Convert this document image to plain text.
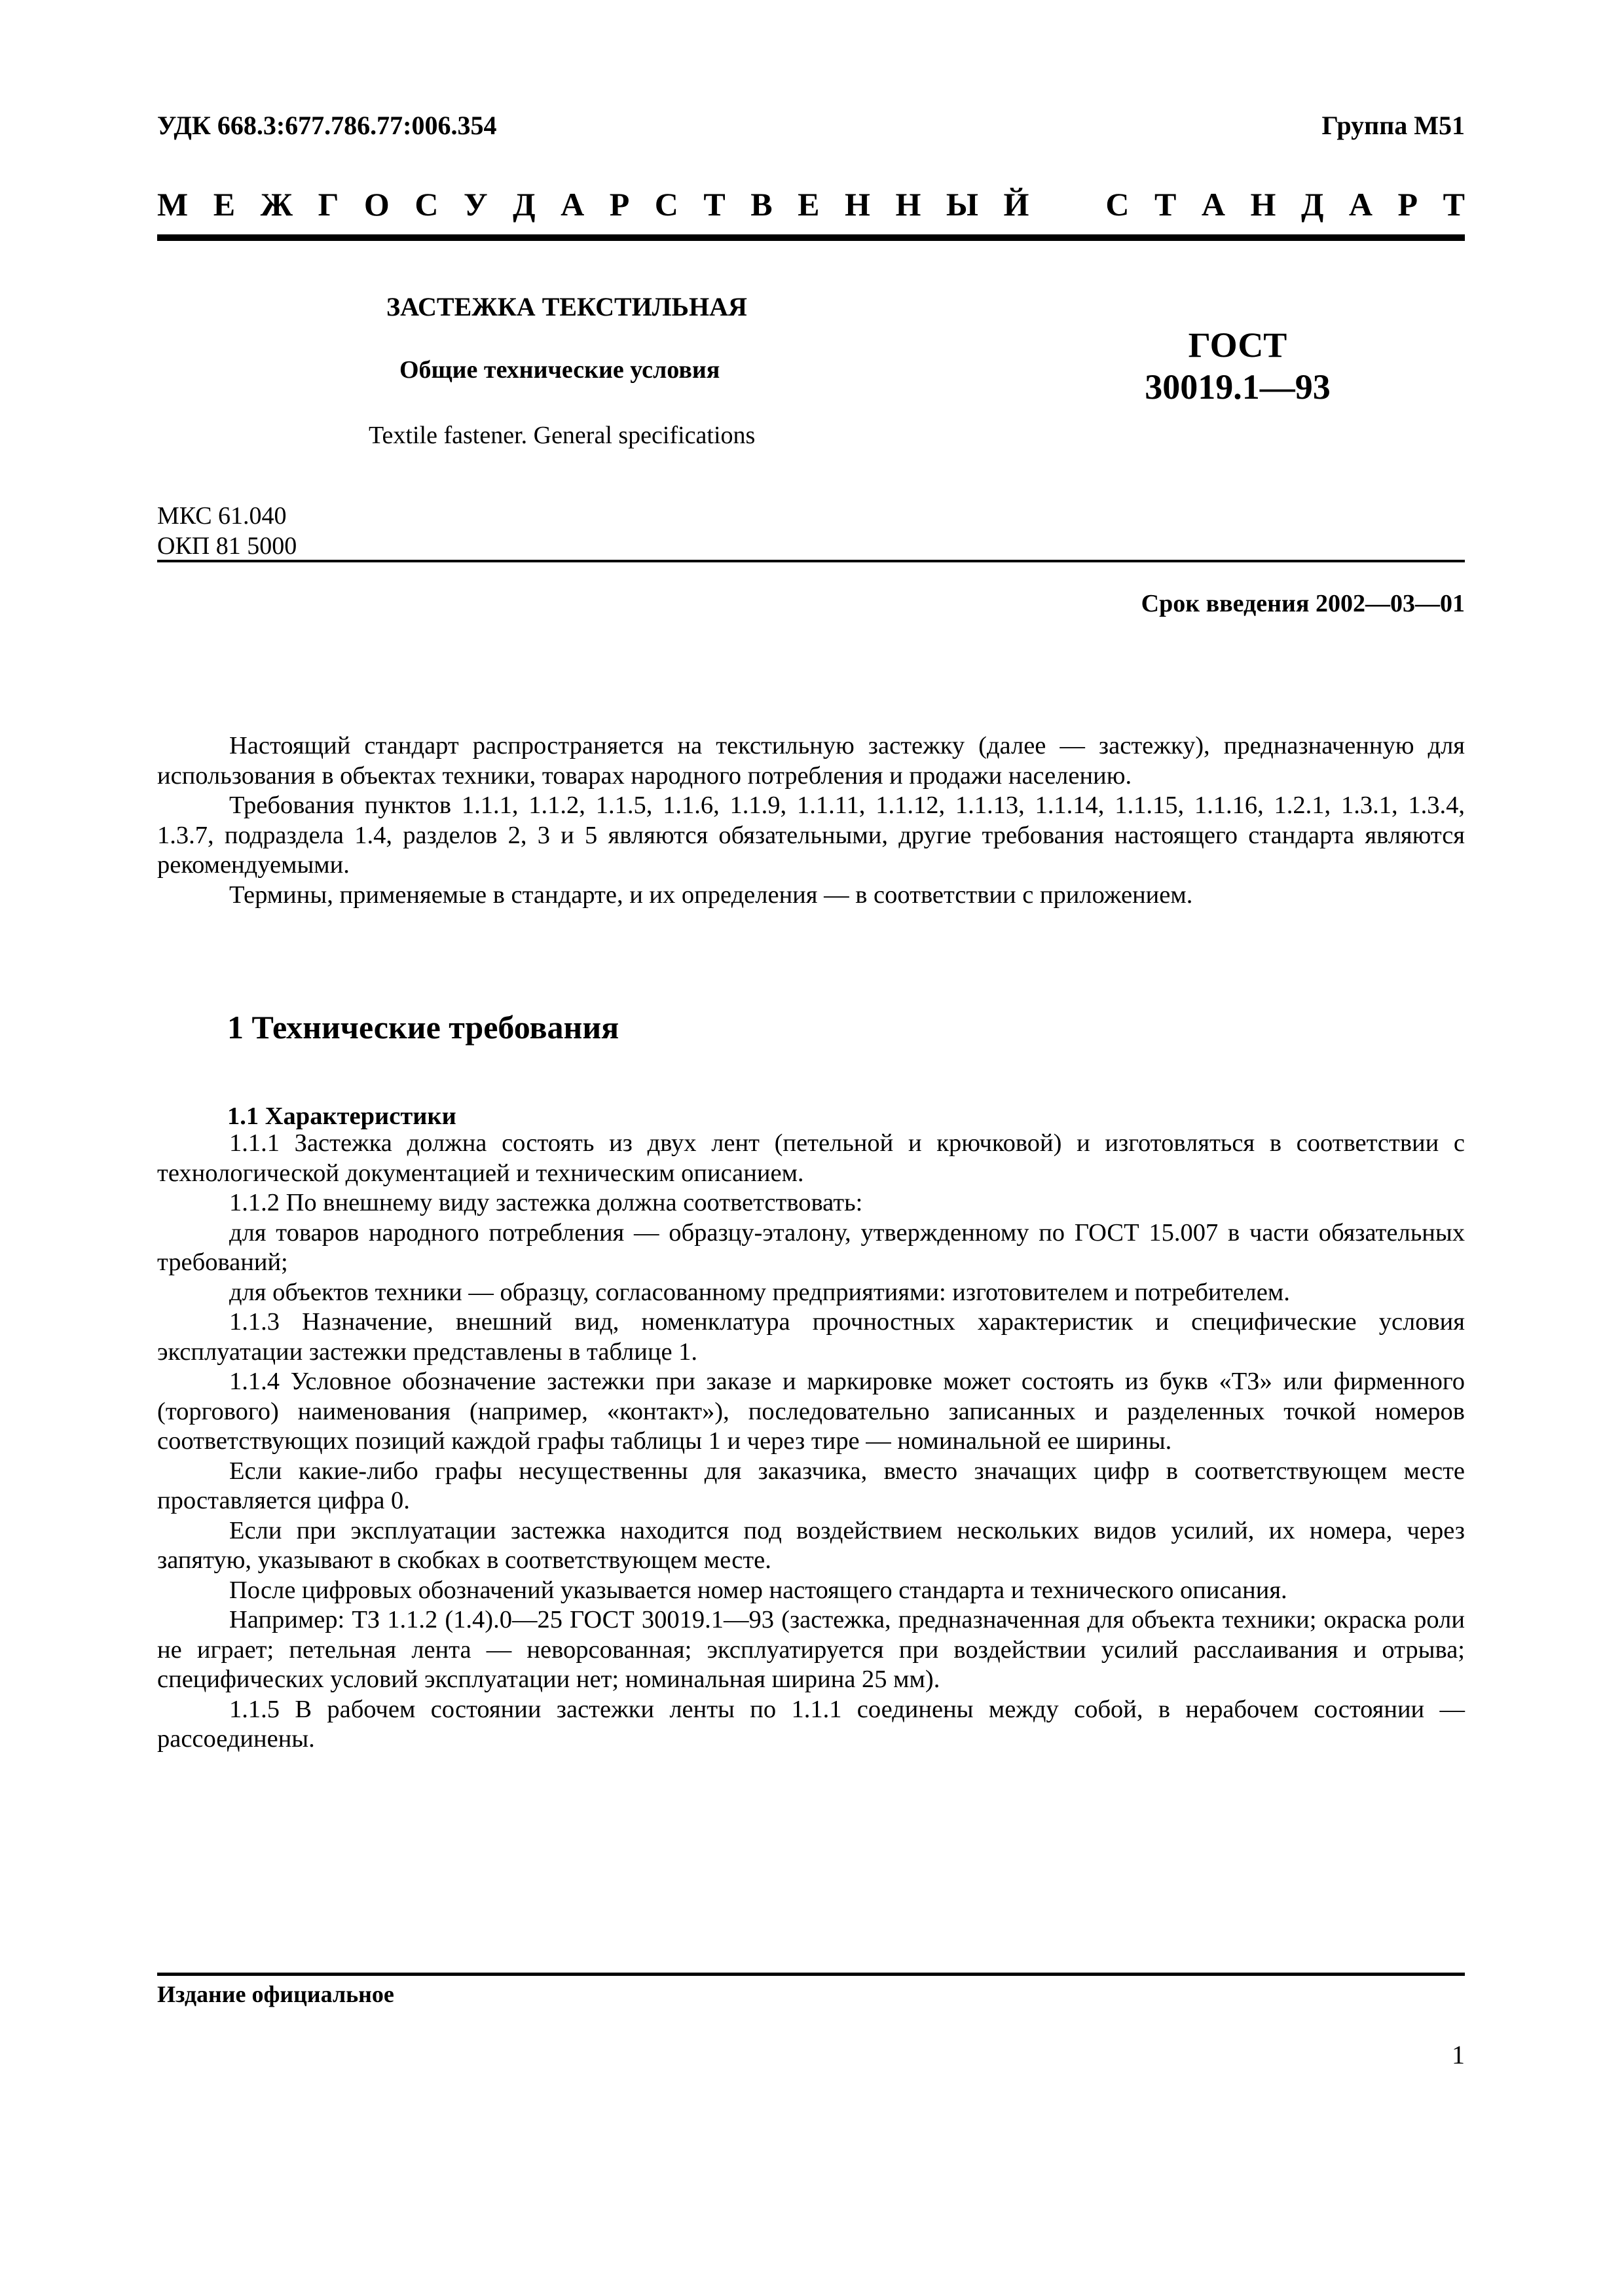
УДК 668.3:677.786.77:006.354	Группа М51
М Е Ж Г О С У Д А Р С Т В Е Н Н Ы Й С Т А Н Д А Р Т
ЗАСТЕЖКА ТЕКСТИЛЬНАЯ
Общие технические условия
Textile fastener. General specifications
ГОСТ
30019.1—93
МКС 61.040
ОКП 81 5000
Срок введения 2002—03—01

Настоящий стандарт распространяется на текстильную застежку (далее — застежку), предназначенную для использования в объектах техники, товарах народного потребления и продажи населению.

Требования пунктов 1.1.1, 1.1.2, 1.1.5, 1.1.6, 1.1.9, 1.1.11, 1.1.12, 1.1.13, 1.1.14, 1.1.15, 1.1.16, 1.2.1, 1.3.1, 1.3.4, 1.3.7, подраздела 1.4, разделов 2, 3 и 5 являются обязательными, другие требования настоящего стандарта являются рекомендуемыми.

Термины, применяемые в стандарте, и их определения — в соответствии с приложением.

1 Технические требования
1.1 Характеристики

1.1.1 Застежка должна состоять из двух лент (петельной и крючковой) и изготовляться в соответствии с технологической документацией и техническим описанием.

1.1.2 По внешнему виду застежка должна соответствовать:

для товаров народного потребления — образцу-эталону, утвержденному по ГОСТ 15.007 в части обязательных требований;

для объектов техники — образцу, согласованному предприятиями: изготовителем и потребителем.

1.1.3 Назначение, внешний вид, номенклатура прочностных характеристик и специфические условия эксплуатации застежки представлены в таблице 1.

1.1.4 Условное обозначение застежки при заказе и маркировке может состоять из букв «ТЗ» или фирменного (торгового) наименования (например, «контакт»), последовательно записанных и разделенных точкой номеров соответствующих позиций каждой графы таблицы 1 и через тире — номинальной ее ширины.

Если какие-либо графы несущественны для заказчика, вместо значащих цифр в соответствующем месте проставляется цифра 0.

Если при эксплуатации застежка находится под воздействием нескольких видов усилий, их номера, через запятую, указывают в скобках в соответствующем месте.

После цифровых обозначений указывается номер настоящего стандарта и технического описания.

Например: ТЗ 1.1.2 (1.4).0—25 ГОСТ 30019.1—93 (застежка, предназначенная для объекта техники; окраска роли не играет; петельная лента — неворсованная; эксплуатируется при воздействии усилий расслаивания и отрыва; специфических условий эксплуатации нет; номинальная ширина 25 мм).

1.1.5 В рабочем состоянии застежки ленты по 1.1.1 соединены между собой, в нерабочем состоянии — рассоединены.

Издание официальное
1
